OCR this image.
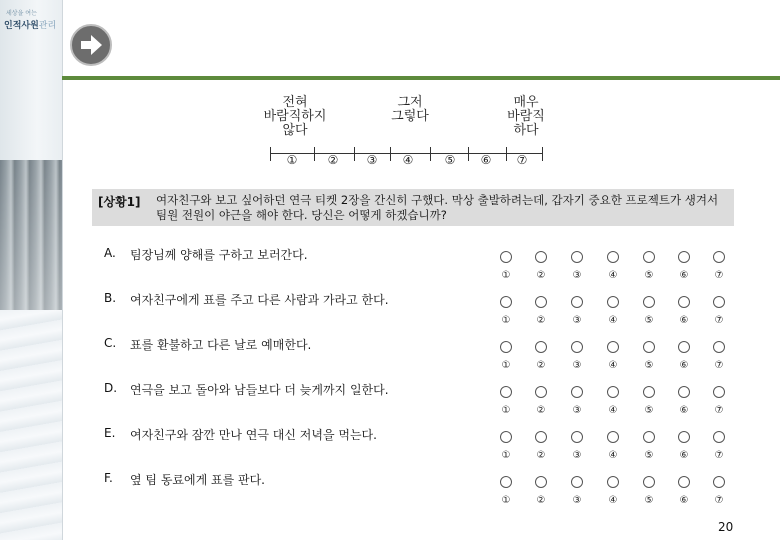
세상을 여는
인적사원관리
전혀
바람직하지
않다
그저
그렇다
매우
바람직
하다
①	② ③ ④	⑤ ⑥ ⑦
[상황1] 여자친구와 보고 싶어하던 연극 티켓 2장을 간신히 구했다. 막상 출발하려는데, 갑자기 중요한 프로젝트가 생겨서 팀원 전원이 야근을 해야 한다. 당신은 어떻게 하겠습니까?
A. 팀장님께 양해를 구하고 보러간다.
①	②	③	④	⑤	⑥	⑦
B. 여자친구에게 표를 주고 다른 사람과 가라고 한다.
①	②	③	④	⑤	⑥	⑦
C. 표를 환불하고 다른 날로 예매한다.
①	②	③	④	⑤	⑥	⑦
D. 연극을 보고 돌아와 남들보다 더 늦게까지 일한다.
①	②	③	④	⑤	⑥	⑦
E. 여자친구와 잠깐 만나 연극 대신 저녁을 먹는다.
①	②	③	④	⑤	⑥	⑦
F. 옆 팀 동료에게 표를 판다.
①	②	③	④	⑤	⑥	⑦
20
